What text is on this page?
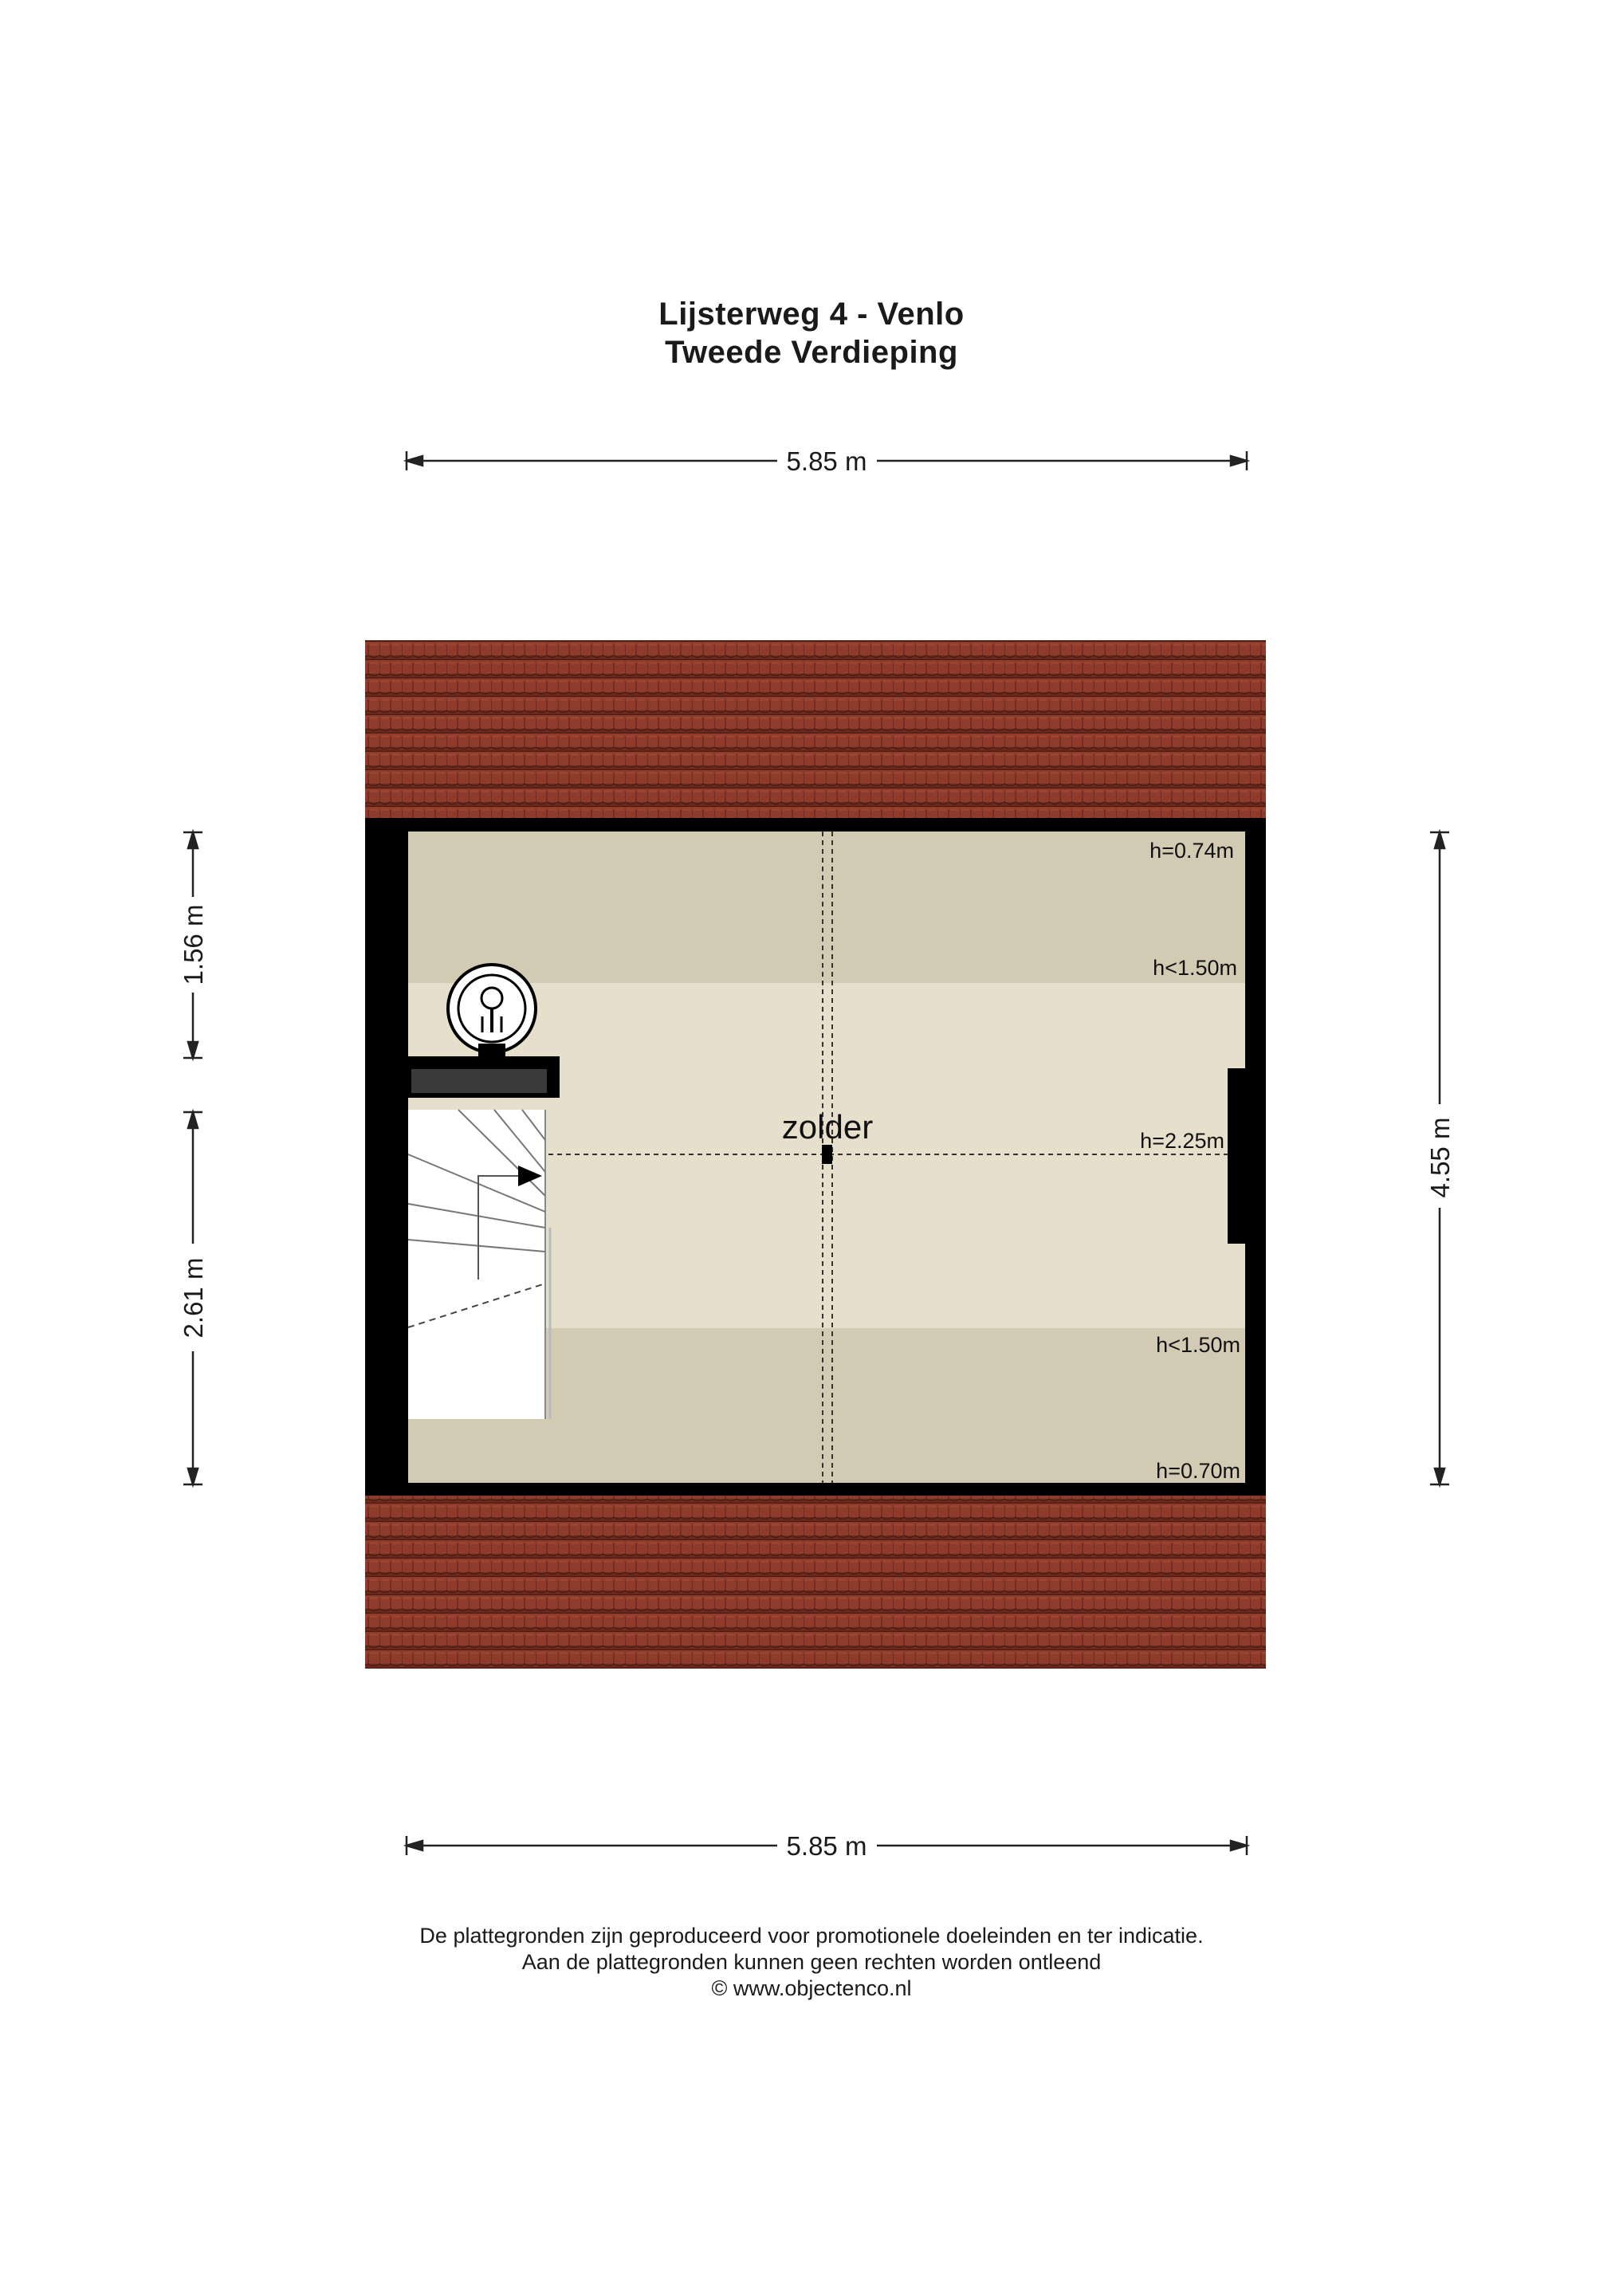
Lijsterweg 4 - Venlo
Tweede Verdieping
5.85 m
5.85 m
1.56 m
2.61 m
4.55 m
zolder
h=0.74m
h<1.50m
h=2.25m
h<1.50m
h=0.70m
De plattegronden zijn geproduceerd voor promotionele doeleinden en ter indicatie.
Aan de plattegronden kunnen geen rechten worden ontleend
© www.objectenco.nl
